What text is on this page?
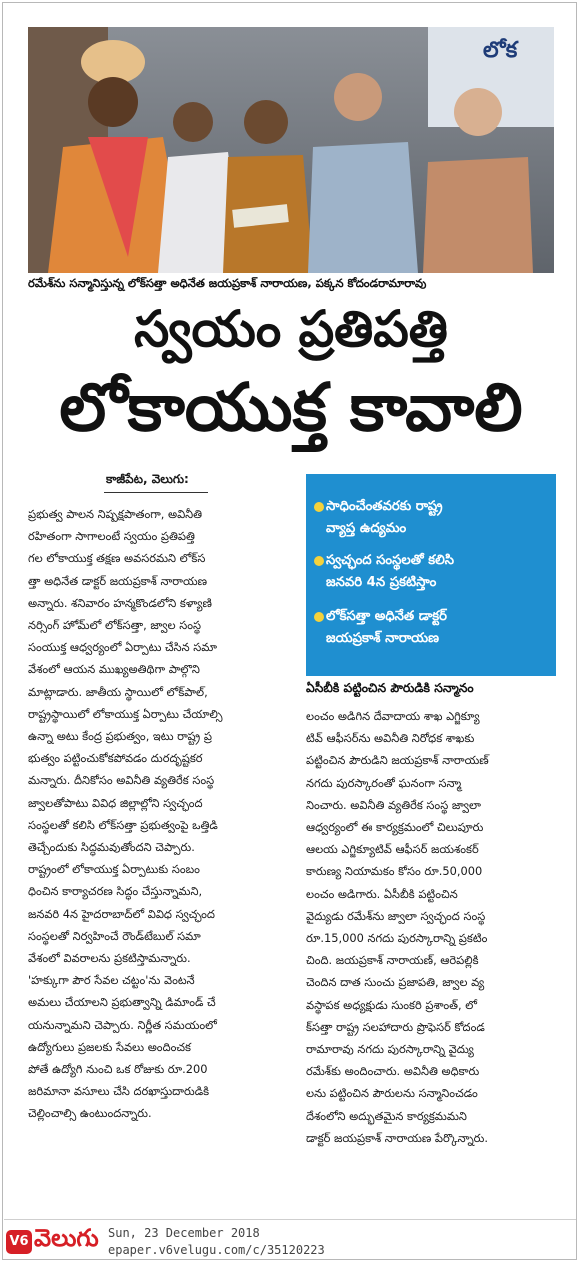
లోక
రమేశ్‌ను సన్మానిస్తున్న లోక్‌సత్తా అధినేత జయప్రకాశ్ నారాయణ, పక్కన కోదండరామారావు
స్వయం ప్రతిపత్తి
లోకాయుక్త కావాలి
కాజీపేట, వెలుగు:
సాధించేంతవరకు రాష్ట్ర
వ్యాప్త ఉద్యమం
స్వచ్ఛంద సంస్థలతో కలిసి
జనవరి 4న ప్రకటిస్తాం
లోక్‌సత్తా అధినేత డాక్టర్
జయప్రకాశ్ నారాయణ
ప్రభుత్వ పాలన నిష్పక్షపాతంగా, అవినీతి
రహితంగా సాగాలంటే స్వయం ప్రతిపత్తి
గల లోకాయుక్త తక్షణ అవసరమని లోక్‌స
త్తా అధినేత డాక్టర్ జయప్రకాశ్ నారాయణ
అన్నారు. శనివారం హన్మకొండలోని కళ్యాణి
నర్సింగ్ హోమ్‌లో లోక్‌సత్తా, జ్వాల సంస్థ
సంయుక్త ఆధ్వర్యంలో ఏర్పాటు చేసిన సమా
వేశంలో ఆయన ముఖ్యఅతిథిగా పాల్గొని
మాట్లాడారు. జాతీయ స్థాయిలో లోక్‌పాల్,
రాష్ట్రస్థాయిలో లోకాయుక్త ఏర్పాటు చేయాల్సి
ఉన్నా అటు కేంద్ర ప్రభుత్వం, ఇటు రాష్ట్ర ప్ర
భుత్వం పట్టించుకోకపోవడం దురదృష్టకర
మన్నారు. దీనికోసం అవినీతి వ్యతిరేక సంస్థ
జ్వాలతోపాటు వివిధ జిల్లాల్లోని స్వచ్ఛంద
సంస్థలతో కలిసి లోక్‌సత్తా ప్రభుత్వంపై ఒత్తిడి
తెచ్చేందుకు సిద్ధమవుతోందని చెప్పారు.
రాష్ట్రంలో లోకాయుక్త ఏర్పాటుకు సంబం
ధించిన కార్యాచరణ సిద్ధం చేస్తున్నామని,
జనవరి 4న హైదరాబాద్‌లో వివిధ స్వచ్ఛంద
సంస్థలతో నిర్వహించే రౌండ్‌టేబుల్ సమా
వేశంలో వివరాలను ప్రకటిస్తామన్నారు.
'హక్కుగా పౌర సేవల చట్టం'ను వెంటనే
అమలు చేయాలని ప్రభుత్వాన్ని డిమాండ్ చే
యనున్నామని చెప్పారు. నిర్ణీత సమయంలో
ఉద్యోగులు ప్రజలకు సేవలు అందించక
పోతే ఉద్యోగి నుంచి ఒక రోజుకు రూ.200
జరిమానా వసూలు చేసి దరఖాస్తుదారుడికి
చెల్లించాల్సి ఉంటుందన్నారు.
ఏసీబీకి పట్టించిన పౌరుడికి సన్మానం
లంచం అడిగిన దేవాదాయ శాఖ ఎగ్జిక్యూ
టివ్ ఆఫీసర్‌ను అవినీతి నిరోధక శాఖకు
పట్టించిన పౌరుడిని జయప్రకాశ్ నారాయణ్
నగదు పురస్కారంతో ఘనంగా సన్మా
నించారు. అవినీతి వ్యతిరేక సంస్థ జ్వాలా
ఆధ్వర్యంలో ఈ కార్యక్రమంలో చిలుపూరు
ఆలయ ఎగ్జిక్యూటివ్ ఆఫీసర్ జయశంకర్
కారుణ్య నియామకం కోసం రూ.50,000
లంచం అడిగారు. ఏసీబీకి పట్టించిన
వైద్యుడు రమేశ్‌ను జ్వాలా స్వచ్ఛంద సంస్థ
రూ.15,000 నగదు పురస్కారాన్ని ప్రకటిం
చింది. జయప్రకాశ్ నారాయణ్, ఆరెపల్లికి
చెందిన దాత సుంచు ప్రజాపతి, జ్వాల వ్య
వస్థాపక అధ్యక్షుడు సుంకరి ప్రశాంత్, లో
క్‌సత్తా రాష్ట్ర సలహాదారు ప్రొఫెసర్ కోదండ
రామారావు నగదు పురస్కారాన్ని వైద్యు
రమేశ్‌కు అందించారు. అవినీతి అధికారు
లను పట్టించిన పౌరులను సన్మానించడం
దేశంలోని అద్భుతమైన కార్యక్రమమని
డాక్టర్ జయప్రకాశ్ నారాయణ పేర్కొన్నారు.
V6 వెలుగు Sun, 23 December 2018
epaper.v6velugu.com/c/35120223
